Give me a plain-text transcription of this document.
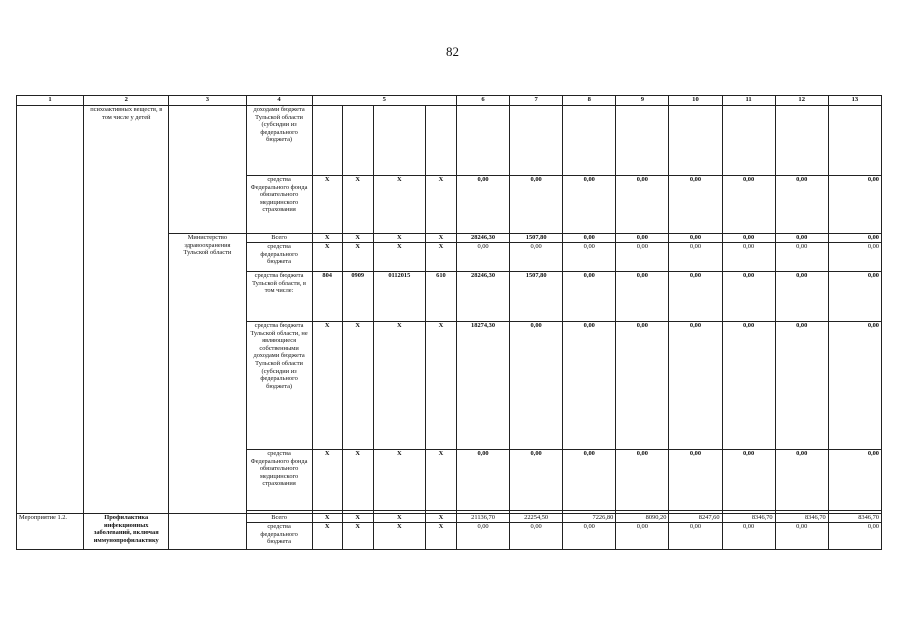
82
1	2	3	4	5				6	7	8	9	10	11	12	13
	психоактивных веществ, в том числе у детей		доходами бюджета Тульской области (субсидии из федерального бюджета)												
			средства Федерального фонда обязательного медицинского страхования	Х	Х	Х	Х	0,00	0,00	0,00	0,00	0,00	0,00	0,00	0,00
		Министерство здравоохранения Тульской области	Всего	Х	Х	Х	Х	28246,30	1507,80	0,00	0,00	0,00	0,00	0,00	0,00
			средства федерального бюджета	Х	Х	Х	Х	0,00	0,00	0,00	0,00	0,00	0,00	0,00	0,00
			средства бюджета Тульской области, в том числе:	804	0909	0112015	610	28246,30	1507,80	0,00	0,00	0,00	0,00	0,00	0,00
			средства бюджета Тульской области, не являющиеся собственными доходами бюджета Тульской области (субсидии из федерального бюджета)	Х	Х	Х	Х	18274,30	0,00	0,00	0,00	0,00	0,00	0,00	0,00
			средства Федерального фонда обязательного медицинского страхования	Х	Х	Х	Х	0,00	0,00	0,00	0,00	0,00	0,00	0,00	0,00

Мероприятие 1.2.	Профилактика инфекционных заболеваний, включая иммунопрофилактику		Всего	Х	Х	Х	Х	21136,70	22254,50	7226,80	8090,20	8247,60	8346,70	8346,70	8346,70
			средства федерального бюджета	Х	Х	Х	Х	0,00	0,00	0,00	0,00	0,00	0,00	0,00	0,00
